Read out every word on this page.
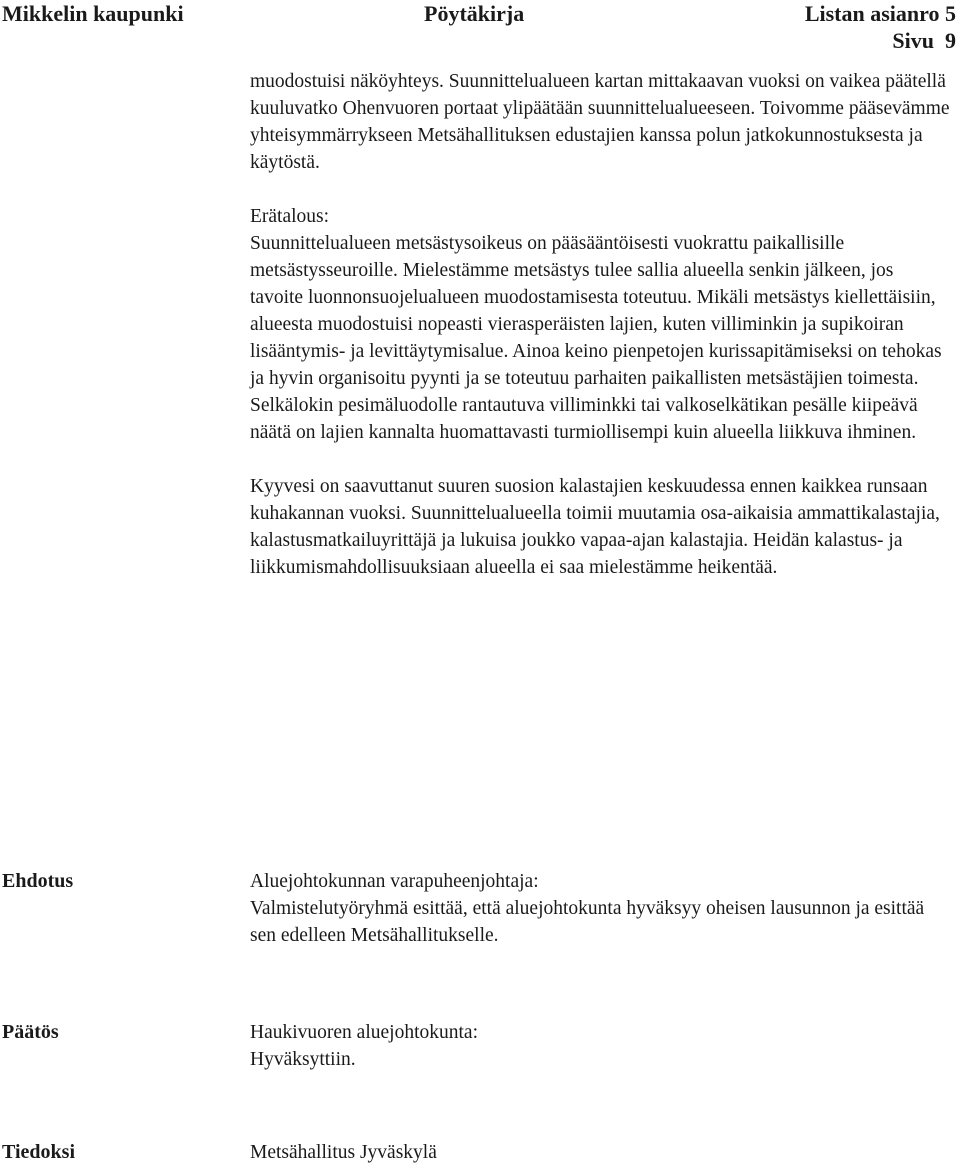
Mikkelin kaupunki	Pöytäkirja	Listan asianro 5
Sivu  9

muodostuisi näköyhteys. Suunnittelualueen kartan mittakaavan vuoksi on vaikea päätellä kuuluvatko Ohenvuoren portaat ylipäätään suunnittelualueeseen. Toivomme pääsevämme yhteisymmärrykseen Metsähallituksen edustajien kanssa polun jatkokunnostuksesta ja käytöstä.

Erätalous:

Suunnittelualueen metsästysoikeus on pääsääntöisesti vuokrattu paikallisille metsästysseuroille. Mielestämme metsästys tulee sallia alueella senkin jälkeen, jos tavoite luonnonsuojelualueen muodostamisesta toteutuu. Mikäli metsästys kiellettäisiin, alueesta muodostuisi nopeasti vierasperäisten lajien, kuten villiminkin ja supikoiran lisääntymis- ja levittäytymisalue. Ainoa keino pienpetojen kurissapitämiseksi on tehokas ja hyvin organisoitu pyynti ja se toteutuu parhaiten paikallisten metsästäjien toimesta. Selkälokin pesimäluodolle rantautuva villiminkki tai valkoselkätikan pesälle kiipeävä näätä on lajien kannalta huomattavasti turmiollisempi kuin alueella liikkuva ihminen.

Kyyvesi on saavuttanut suuren suosion kalastajien keskuudessa ennen kaikkea runsaan kuhakannan vuoksi. Suunnittelualueella toimii muutamia osa-aikaisia ammattikalastajia, kalastusmatkailuyrittäjä ja lukuisa joukko vapaa-ajan kalastajia. Heidän kalastus- ja liikkumismahdollisuuksiaan alueella ei saa mielestämme heikentää.

Ehdotus	Aluejohtokunnan varapuheenjohtaja:

Valmistelutyöryhmä esittää, että aluejohtokunta hyväksyy oheisen lausunnon ja esittää sen edelleen Metsähallitukselle.

Päätös	Haukivuoren aluejohtokunta:

Hyväksyttiin.

Tiedoksi	Metsähallitus Jyväskylä
